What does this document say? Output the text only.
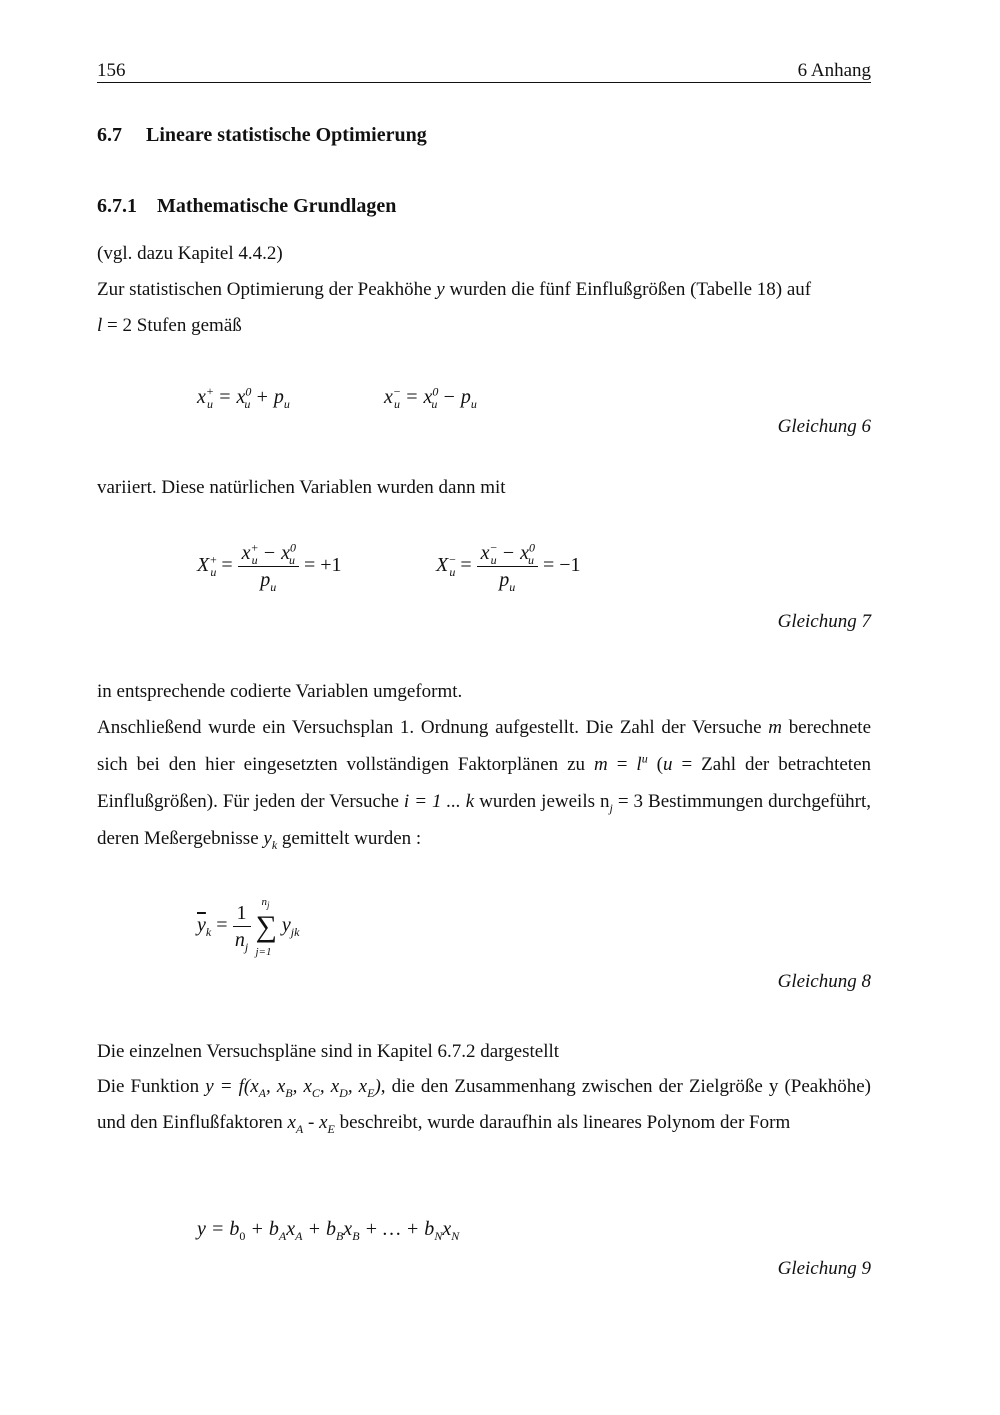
156	6 Anhang
6.7 Lineare statistische Optimierung
6.7.1 Mathematische Grundlagen
(vgl. dazu Kapitel 4.4.2)
Zur statistischen Optimierung der Peakhöhe y wurden die fünf Einflußgrößen (Tabelle 18) auf
l = 2 Stufen gemäß
$x^+_u = x^0_u + p_u$	$x^-_u = x^0_u - p_u$
Gleichung 6
variiert. Diese natürlichen Variablen wurden dann mit
$X^+_u = \frac{x^+_u - x^0_u}{p_u} = +1$	$X^-_u = \frac{x^-_u - x^0_u}{p_u} = -1$
Gleichung 7
in entsprechende codierte Variablen umgeformt.
Anschließend wurde ein Versuchsplan 1. Ordnung aufgestellt. Die Zahl der Versuche m berechnete sich bei den hier eingesetzten vollständigen Faktorplänen zu $m = l^u$ (u = Zahl der betrachteten Einflußgrößen). Für jeden der Versuche i = 1 ... k wurden jeweils $n_j = 3$ Bestimmungen durchgeführt, deren Meßergebnisse $y_k$ gemittelt wurden :
$\overline{y}_k = \frac{1}{n_j}$
$n_j$
∑
j=1
$y_{jk}$
Gleichung 8
Die einzelnen Versuchspläne sind in Kapitel 6.7.2 dargestellt
Die Funktion $y = f(x_A$, $x_B$, $x_C$, $x_D$, $x_E$), die den Zusammenhang zwischen der Zielgröße y (Peakhöhe) und den Einflußfaktoren $x_A - x_E$ beschreibt, wurde daraufhin als lineares Polynom der Form
$y = b_0 + b_Ax_A + b_Bx_B$ + … + $b_Nx_N$
Gleichung 9
